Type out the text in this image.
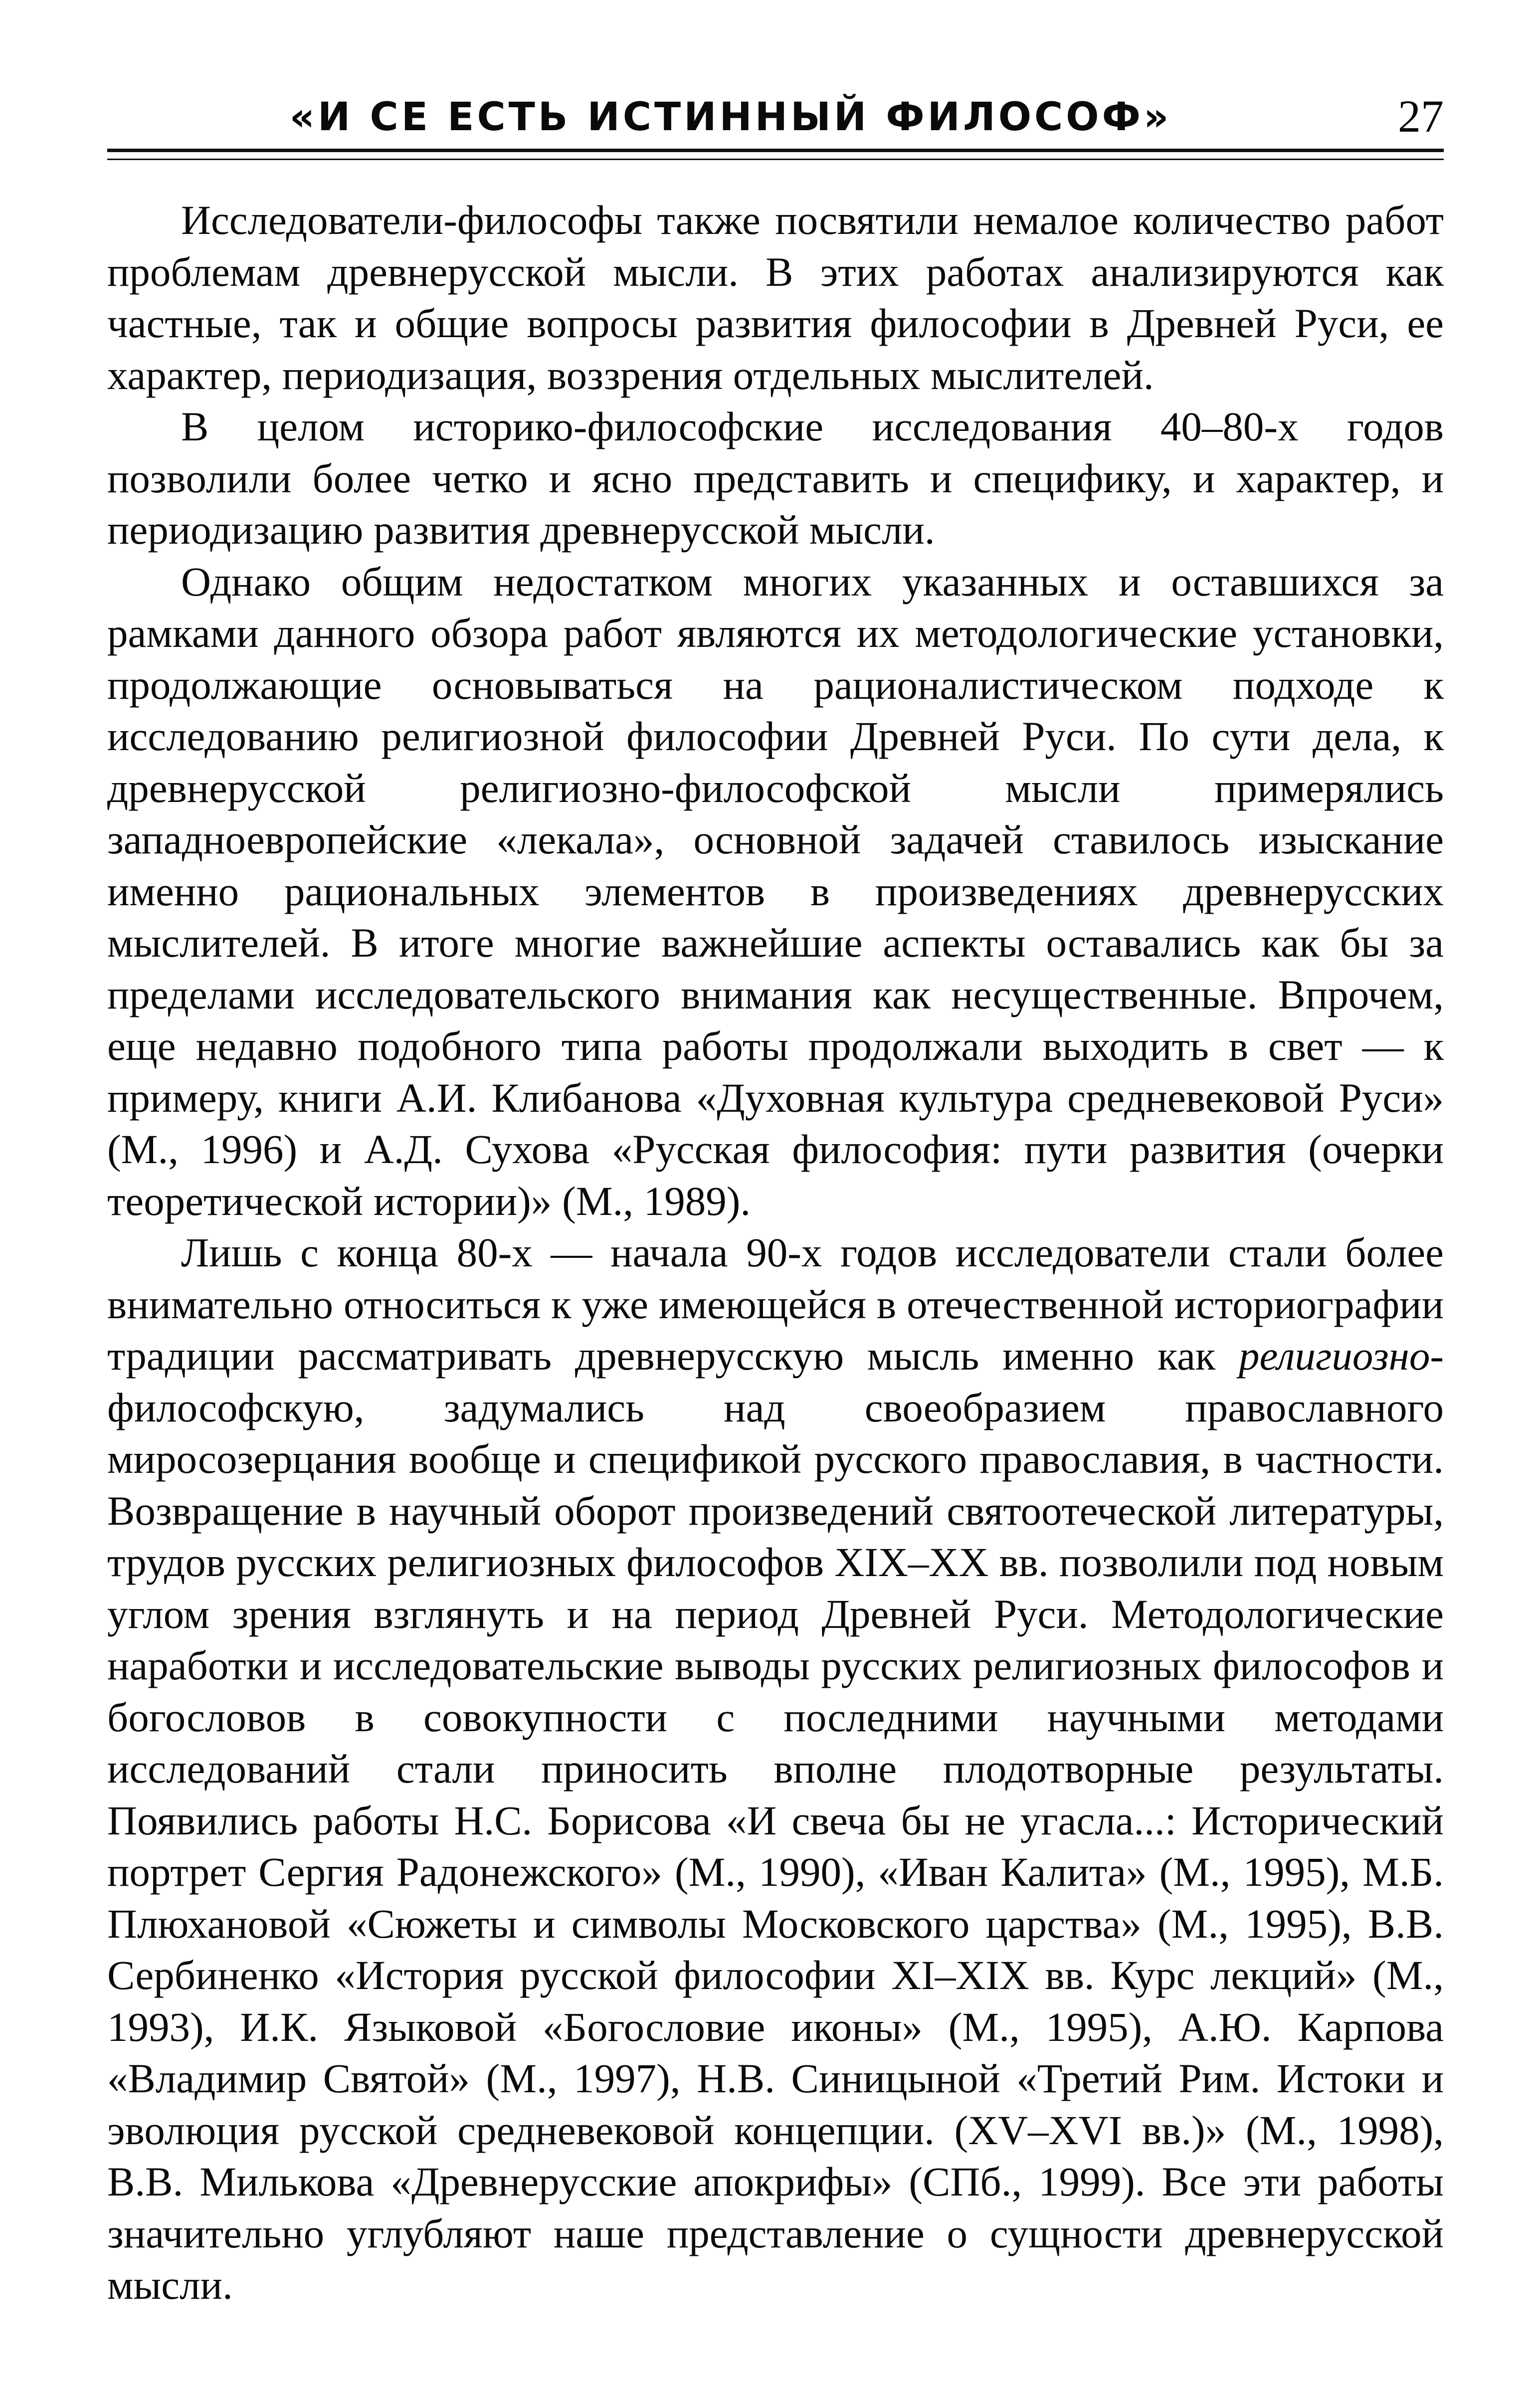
«И СЕ ЕСТЬ ИСТИННЫЙ ФИЛОСОФ»	27

Исследователи-философы также посвятили немалое количество работ проблемам древнерусской мысли. В этих работах анализируются как частные, так и общие вопросы развития философии в Древней Руси, ее характер, периодизация, воззрения отдельных мыслителей.

В целом историко-философские исследования 40–80-х годов позволили более четко и ясно представить и специфику, и характер, и периодизацию развития древнерусской мысли.

Однако общим недостатком многих указанных и оставшихся за рамками данного обзора работ являются их методологические установки, продолжающие основываться на рационалистическом подходе к исследованию религиозной философии Древней Руси. По сути дела, к древнерусской религиозно-философской мысли примерялись западноевропейские «лекала», основной задачей ставилось изыскание именно рациональных элементов в произведениях древнерусских мыслителей. В итоге многие важнейшие аспекты оставались как бы за пределами исследовательского внимания как несущественные. Впрочем, еще недавно подобного типа работы продолжали выходить в свет — к примеру, книги А.И. Клибанова «Духовная культура средневековой Руси» (М., 1996) и А.Д. Сухова «Русская философия: пути развития (очерки теоретической истории)» (М., 1989).

Лишь с конца 80-х — начала 90-х годов исследователи стали более внимательно относиться к уже имеющейся в отечественной историографии традиции рассматривать древнерусскую мысль именно как религиозно-философскую, задумались над своеобразием православного миросозерцания вообще и спецификой русского православия, в частности. Возвращение в научный оборот произведений святоотеческой литературы, трудов русских религиозных философов XIX–XX вв. позволили под новым углом зрения взглянуть и на период Древней Руси. Методологические наработки и исследовательские выводы русских религиозных философов и богословов в совокупности с последними научными методами исследований стали приносить вполне плодотворные результаты. Появились работы Н.С. Борисова «И свеча бы не угасла...: Исторический портрет Сергия Радонежского» (М., 1990), «Иван Калита» (М., 1995), М.Б. Плюхановой «Сюжеты и символы Московского царства» (М., 1995), В.В. Сербиненко «История русской философии XI–XIX вв. Курс лекций» (М., 1993), И.К. Языковой «Богословие иконы» (М., 1995), А.Ю. Карпова «Владимир Святой» (М., 1997), Н.В. Синицыной «Третий Рим. Истоки и эволюция русской средневековой концепции. (XV–XVI вв.)» (М., 1998), В.В. Милькова «Древнерусские апокрифы» (СПб., 1999). Все эти работы значительно углубляют наше представление о сущности древнерусской мысли.
